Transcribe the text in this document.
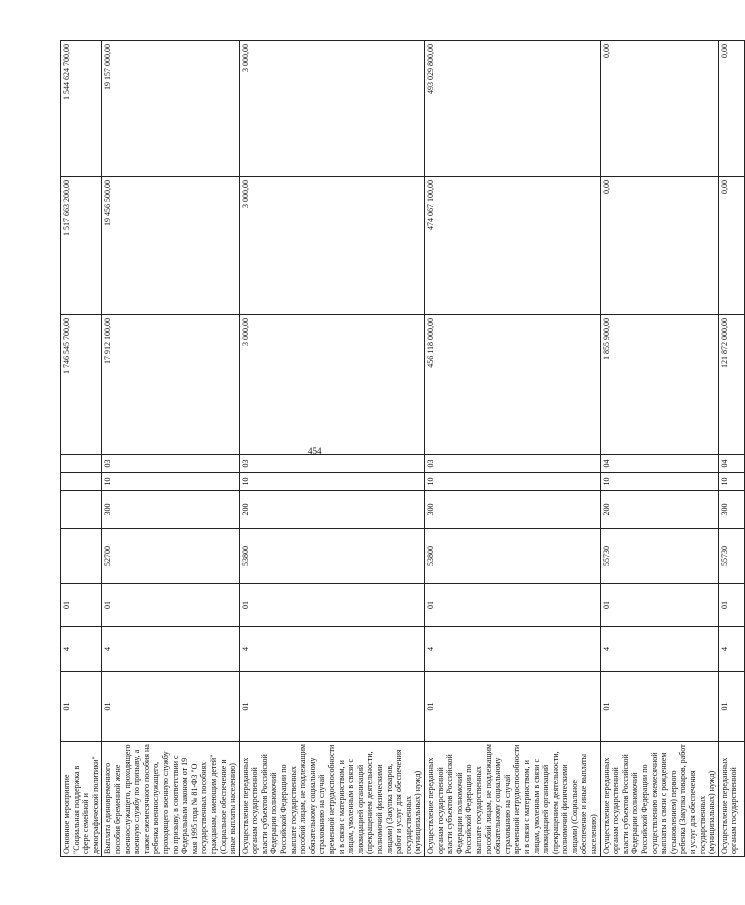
454
Основное мероприятие "Социальная поддержка в сфере семейной и демографической политики"	01	4	01					1 746 545 700,00	1 517 663 200,00	1 544 624 700,00
Выплата единовременного пособия беременной жене военнослужащего, проходящего военную службу по призыву, а также ежемесячного пособия на ребенка военнослужащего, проходящего военную службу по призыву, в соответствии с Федеральным законом от 19 мая 1995 года № 81-ФЗ "О государственных пособиях гражданам, имеющим детей" (Социальное обеспечение и иные выплаты населению)	01	4	01	52700	300	10	03	17 912 100,00	19 456 500,00	19 157 000,00
Осуществление переданных органам государственной власти субъектов Российской Федерации полномочий Российской Федерации по выплате государственных пособий лицам, не подлежащим обязательному социальному страхованию на случай временной нетрудоспособности и в связи с материнством, и лицам, уволенным в связи с ликвидацией организаций (прекращением деятельности, полномочий физическими лицами) (Закупка товаров, работ и услуг для обеспечения государственных (муниципальных) нужд)	01	4	01	53800	200	10	03	3 000,00	3 000,00	3 000,00
Осуществление переданных органам государственной власти субъектов Российской Федерации полномочий Российской Федерации по выплате государственных пособий лицам, не подлежащим обязательному социальному страхованию на случай временной нетрудоспособности и в связи с материнством, и лицам, уволенным в связи с ликвидацией организаций (прекращением деятельности, полномочий физическими лицами) (Социальное обеспечение и иные выплаты населению)	01	4	01	53800	300	10	03	456 118 000,00	474 067 100,00	493 029 800,00
Осуществление переданных органам государственной власти субъектов Российской Федерации полномочий Российской Федерации по осуществлению ежемесячной выплаты в связи с рождением (усыновлением) первого ребенка (Закупка товаров, работ и услуг для обеспечения государственных (муниципальных) нужд)	01	4	01	55730	200	10	04	1 855 900,00	0,00	0,00
Осуществление переданных органам государственной	01	4	01	55730	300	10	04	121 872 000,00	0,00	0,00
